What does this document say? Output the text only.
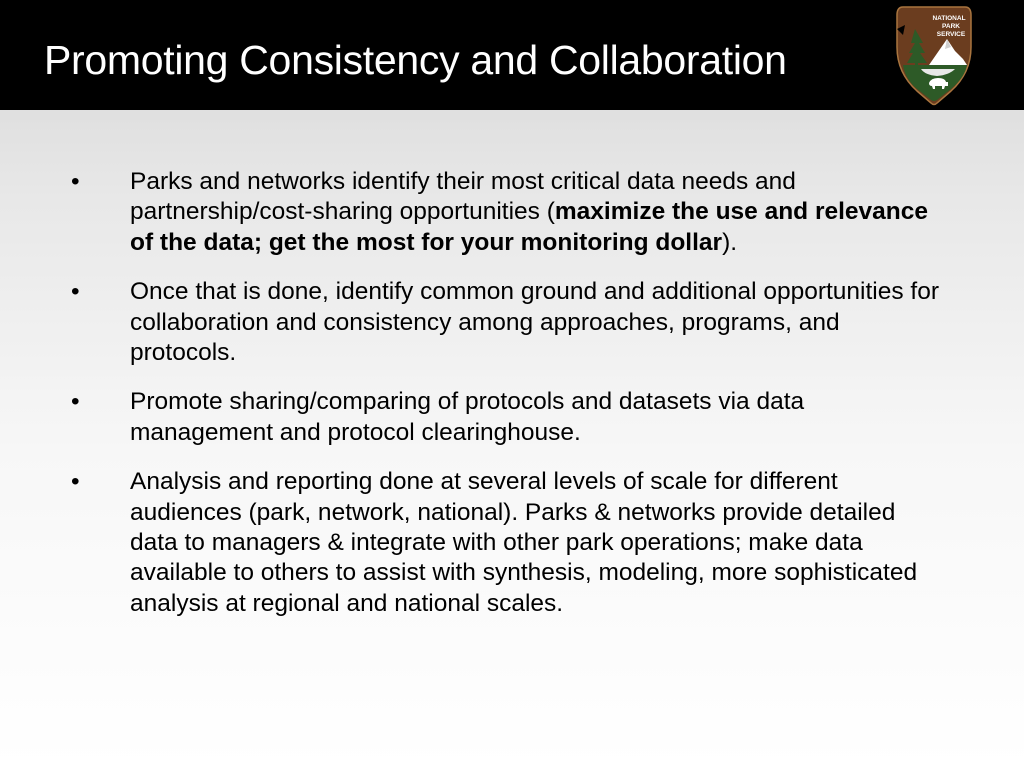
Promoting Consistency and Collaboration
NATIONAL
PARK
SERVICE
• Parks and networks identify their most critical data needs and partnership/cost-sharing opportunities (maximize the use and relevance of the data; get the most for your monitoring dollar).
• Once that is done, identify common ground and additional opportunities for collaboration and consistency among approaches, programs, and protocols.
• Promote sharing/comparing of protocols and datasets via data management and protocol clearinghouse.
• Analysis and reporting done at several levels of scale for different audiences (park, network, national). Parks & networks provide detailed data to managers & integrate with other park operations; make data available to others to assist with synthesis, modeling, more sophisticated analysis at regional and national scales.
